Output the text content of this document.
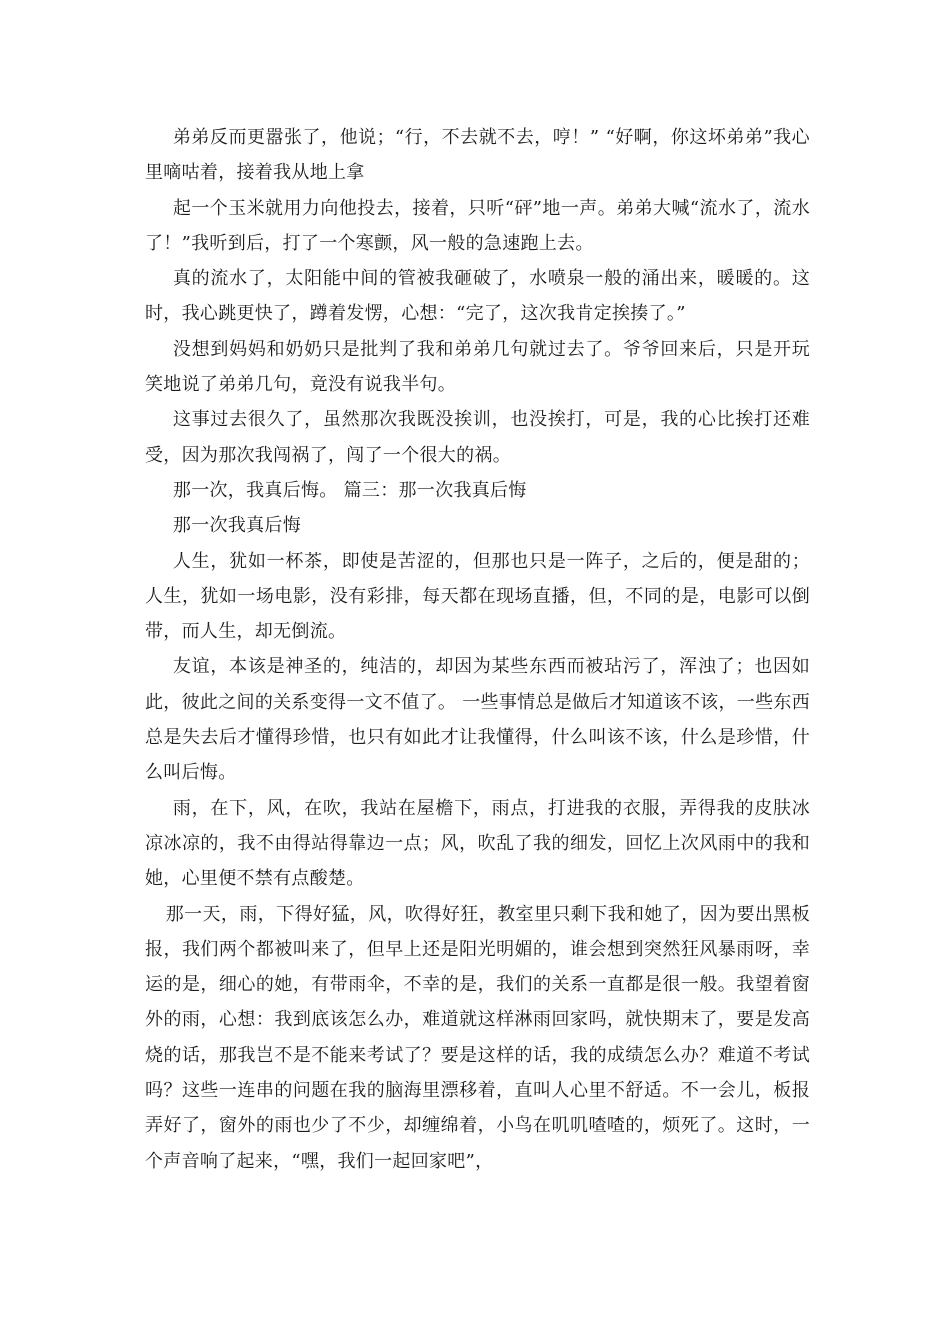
弟弟反而更嚣张了，他说；“行，不去就不去，哼！” “好啊，你这坏弟弟”我心里嘀咕着，接着我从地上拿

起一个玉米就用力向他投去，接着，只听“砰”地一声。弟弟大喊“流水了，流水了！”我听到后，打了一个寒颤，风一般的急速跑上去。

真的流水了，太阳能中间的管被我砸破了，水喷泉一般的涌出来，暖暖的。这时，我心跳更快了，蹲着发愣，心想：“完了，这次我肯定挨揍了。”

没想到妈妈和奶奶只是批判了我和弟弟几句就过去了。爷爷回来后，只是开玩笑地说了弟弟几句，竟没有说我半句。

这事过去很久了，虽然那次我既没挨训，也没挨打，可是，我的心比挨打还难受，因为那次我闯祸了，闯了一个很大的祸。

那一次，我真后悔。 篇三：那一次我真后悔

那一次我真后悔

人生，犹如一杯茶，即使是苦涩的，但那也只是一阵子，之后的，便是甜的；人生，犹如一场电影，没有彩排，每天都在现场直播，但，不同的是，电影可以倒带，而人生，却无倒流。

友谊，本该是神圣的，纯洁的，却因为某些东西而被玷污了，浑浊了；也因如此，彼此之间的关系变得一文不值了。 一些事情总是做后才知道该不该，一些东西总是失去后才懂得珍惜，也只有如此才让我懂得，什么叫该不该，什么是珍惜，什么叫后悔。

雨，在下，风，在吹，我站在屋檐下，雨点，打进我的衣服，弄得我的皮肤冰凉冰凉的，我不由得站得靠边一点；风，吹乱了我的细发，回忆上次风雨中的我和她，心里便不禁有点酸楚。

那一天，雨，下得好猛，风，吹得好狂，教室里只剩下我和她了，因为要出黑板报，我们两个都被叫来了，但早上还是阳光明媚的，谁会想到突然狂风暴雨呀，幸运的是，细心的她，有带雨伞，不幸的是，我们的关系一直都是很一般。我望着窗外的雨，心想：我到底该怎么办，难道就这样淋雨回家吗，就快期末了，要是发高烧的话，那我岂不是不能来考试了？要是这样的话，我的成绩怎么办？难道不考试吗？这些一连串的问题在我的脑海里漂移着，直叫人心里不舒适。不一会儿，板报弄好了，窗外的雨也少了不少，却缠绵着，小鸟在叽叽喳喳的，烦死了。这时，一个声音响了起来，“嘿，我们一起回家吧”，
